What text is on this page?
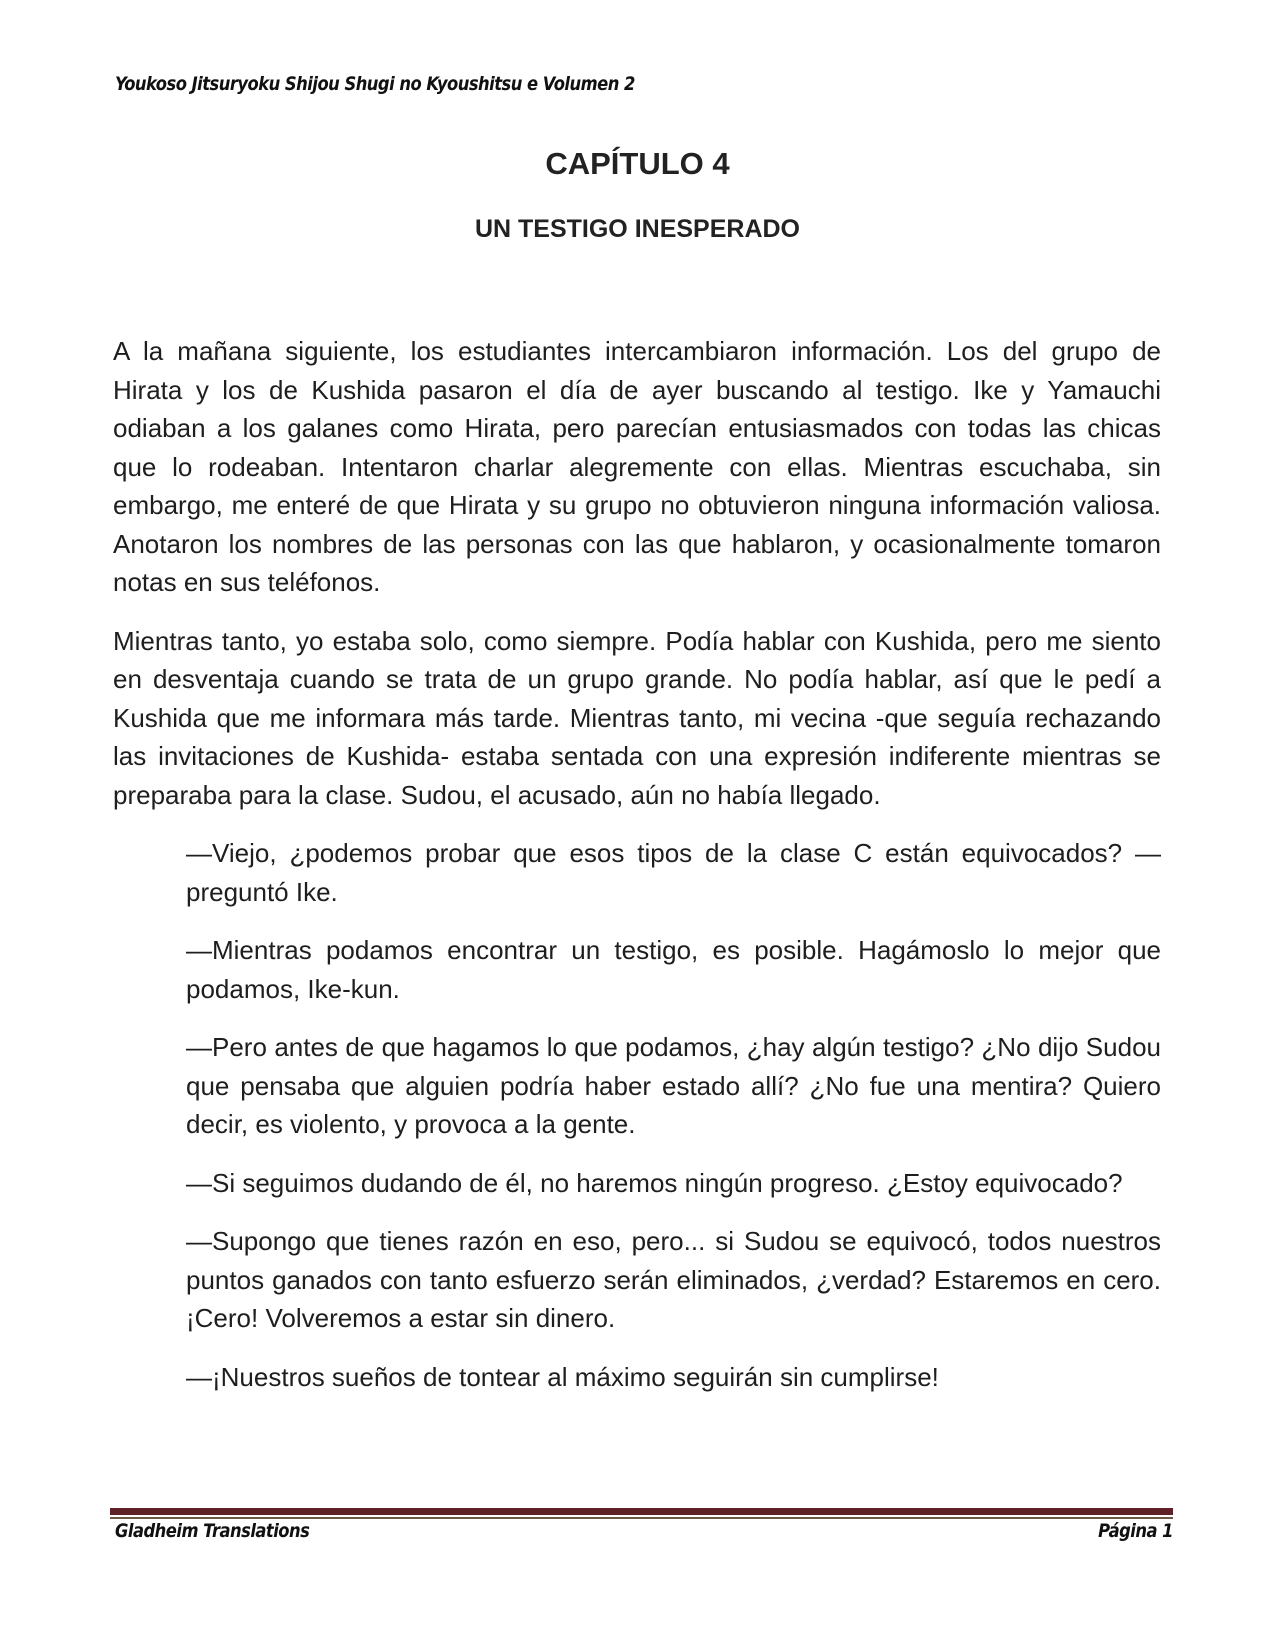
Youkoso Jitsuryoku Shijou Shugi no Kyoushitsu e Volumen 2
CAPÍTULO 4
UN TESTIGO INESPERADO

A la mañana siguiente, los estudiantes intercambiaron información. Los del grupo de Hirata y los de Kushida pasaron el día de ayer buscando al testigo. Ike y Yamauchi odiaban a los galanes como Hirata, pero parecían entusiasmados con todas las chicas que lo rodeaban. Intentaron charlar alegremente con ellas. Mientras escuchaba, sin embargo, me enteré de que Hirata y su grupo no obtuvieron ninguna información valiosa. Anotaron los nombres de las personas con las que hablaron, y ocasionalmente tomaron notas en sus teléfonos.

Mientras tanto, yo estaba solo, como siempre. Podía hablar con Kushida, pero me siento en desventaja cuando se trata de un grupo grande. No podía hablar, así que le pedí a Kushida que me informara más tarde. Mientras tanto, mi vecina -que seguía rechazando las invitaciones de Kushida- estaba sentada con una expresión indiferente mientras se preparaba para la clase. Sudou, el acusado, aún no había llegado.

—Viejo, ¿podemos probar que esos tipos de la clase C están equivocados? —preguntó Ike.

—Mientras podamos encontrar un testigo, es posible. Hagámoslo lo mejor que podamos, Ike-kun.

—Pero antes de que hagamos lo que podamos, ¿hay algún testigo? ¿No dijo Sudou que pensaba que alguien podría haber estado allí? ¿No fue una mentira? Quiero decir, es violento, y provoca a la gente.

—Si seguimos dudando de él, no haremos ningún progreso. ¿Estoy equivocado?

—Supongo que tienes razón en eso, pero... si Sudou se equivocó, todos nuestros puntos ganados con tanto esfuerzo serán eliminados, ¿verdad? Estaremos en cero. ¡Cero! Volveremos a estar sin dinero.

—¡Nuestros sueños de tontear al máximo seguirán sin cumplirse!

Gladheim Translations	Página 1
